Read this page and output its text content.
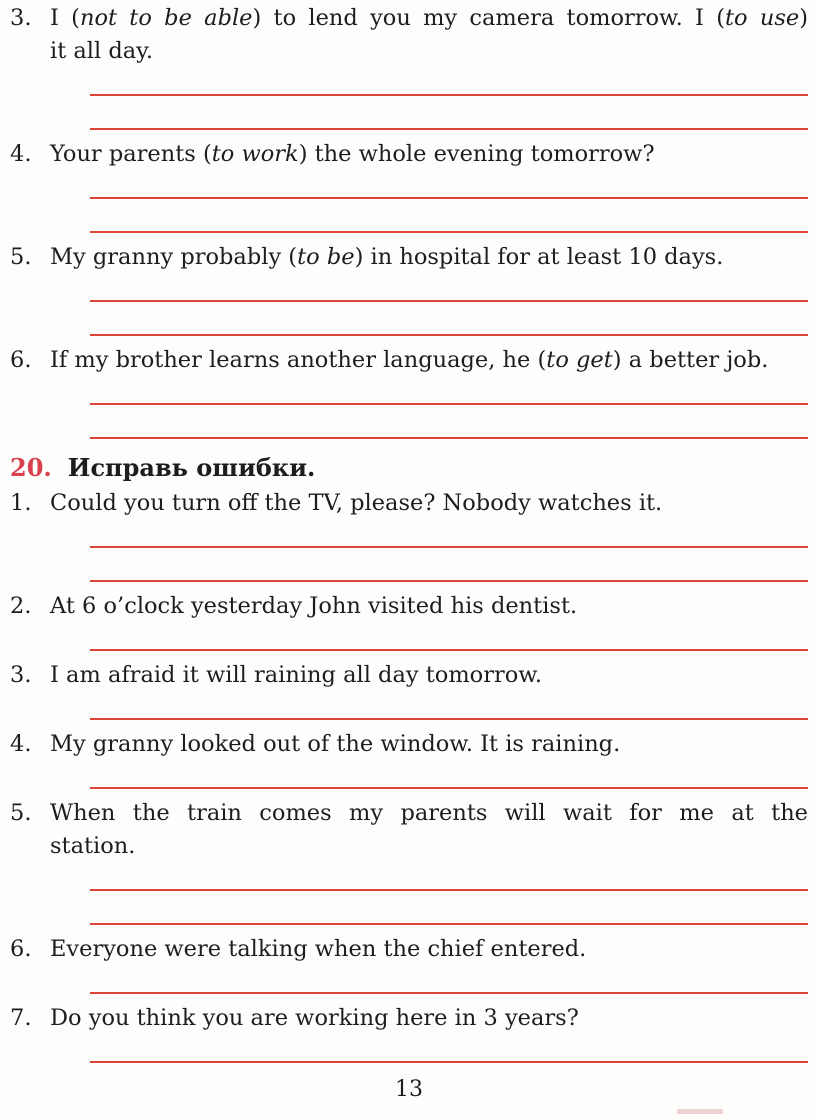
3. I (not to be able) to lend you my camera tomorrow. I (to use)
it all day.
4. Your parents (to work) the whole evening tomorrow?
5. My granny probably (to be) in hospital for at least 10 days.
6. If my brother learns another language, he (to get) a better job.
20. Исправь ошибки.
1. Could you turn off the TV, please? Nobody watches it.
2. At 6 o’clock yesterday John visited his dentist.
3. I am afraid it will raining all day tomorrow.
4. My granny looked out of the window. It is raining.
5. When the train comes my parents will wait for me at the
station.
6. Everyone were talking when the chief entered.
7. Do you think you are working here in 3 years?
13
